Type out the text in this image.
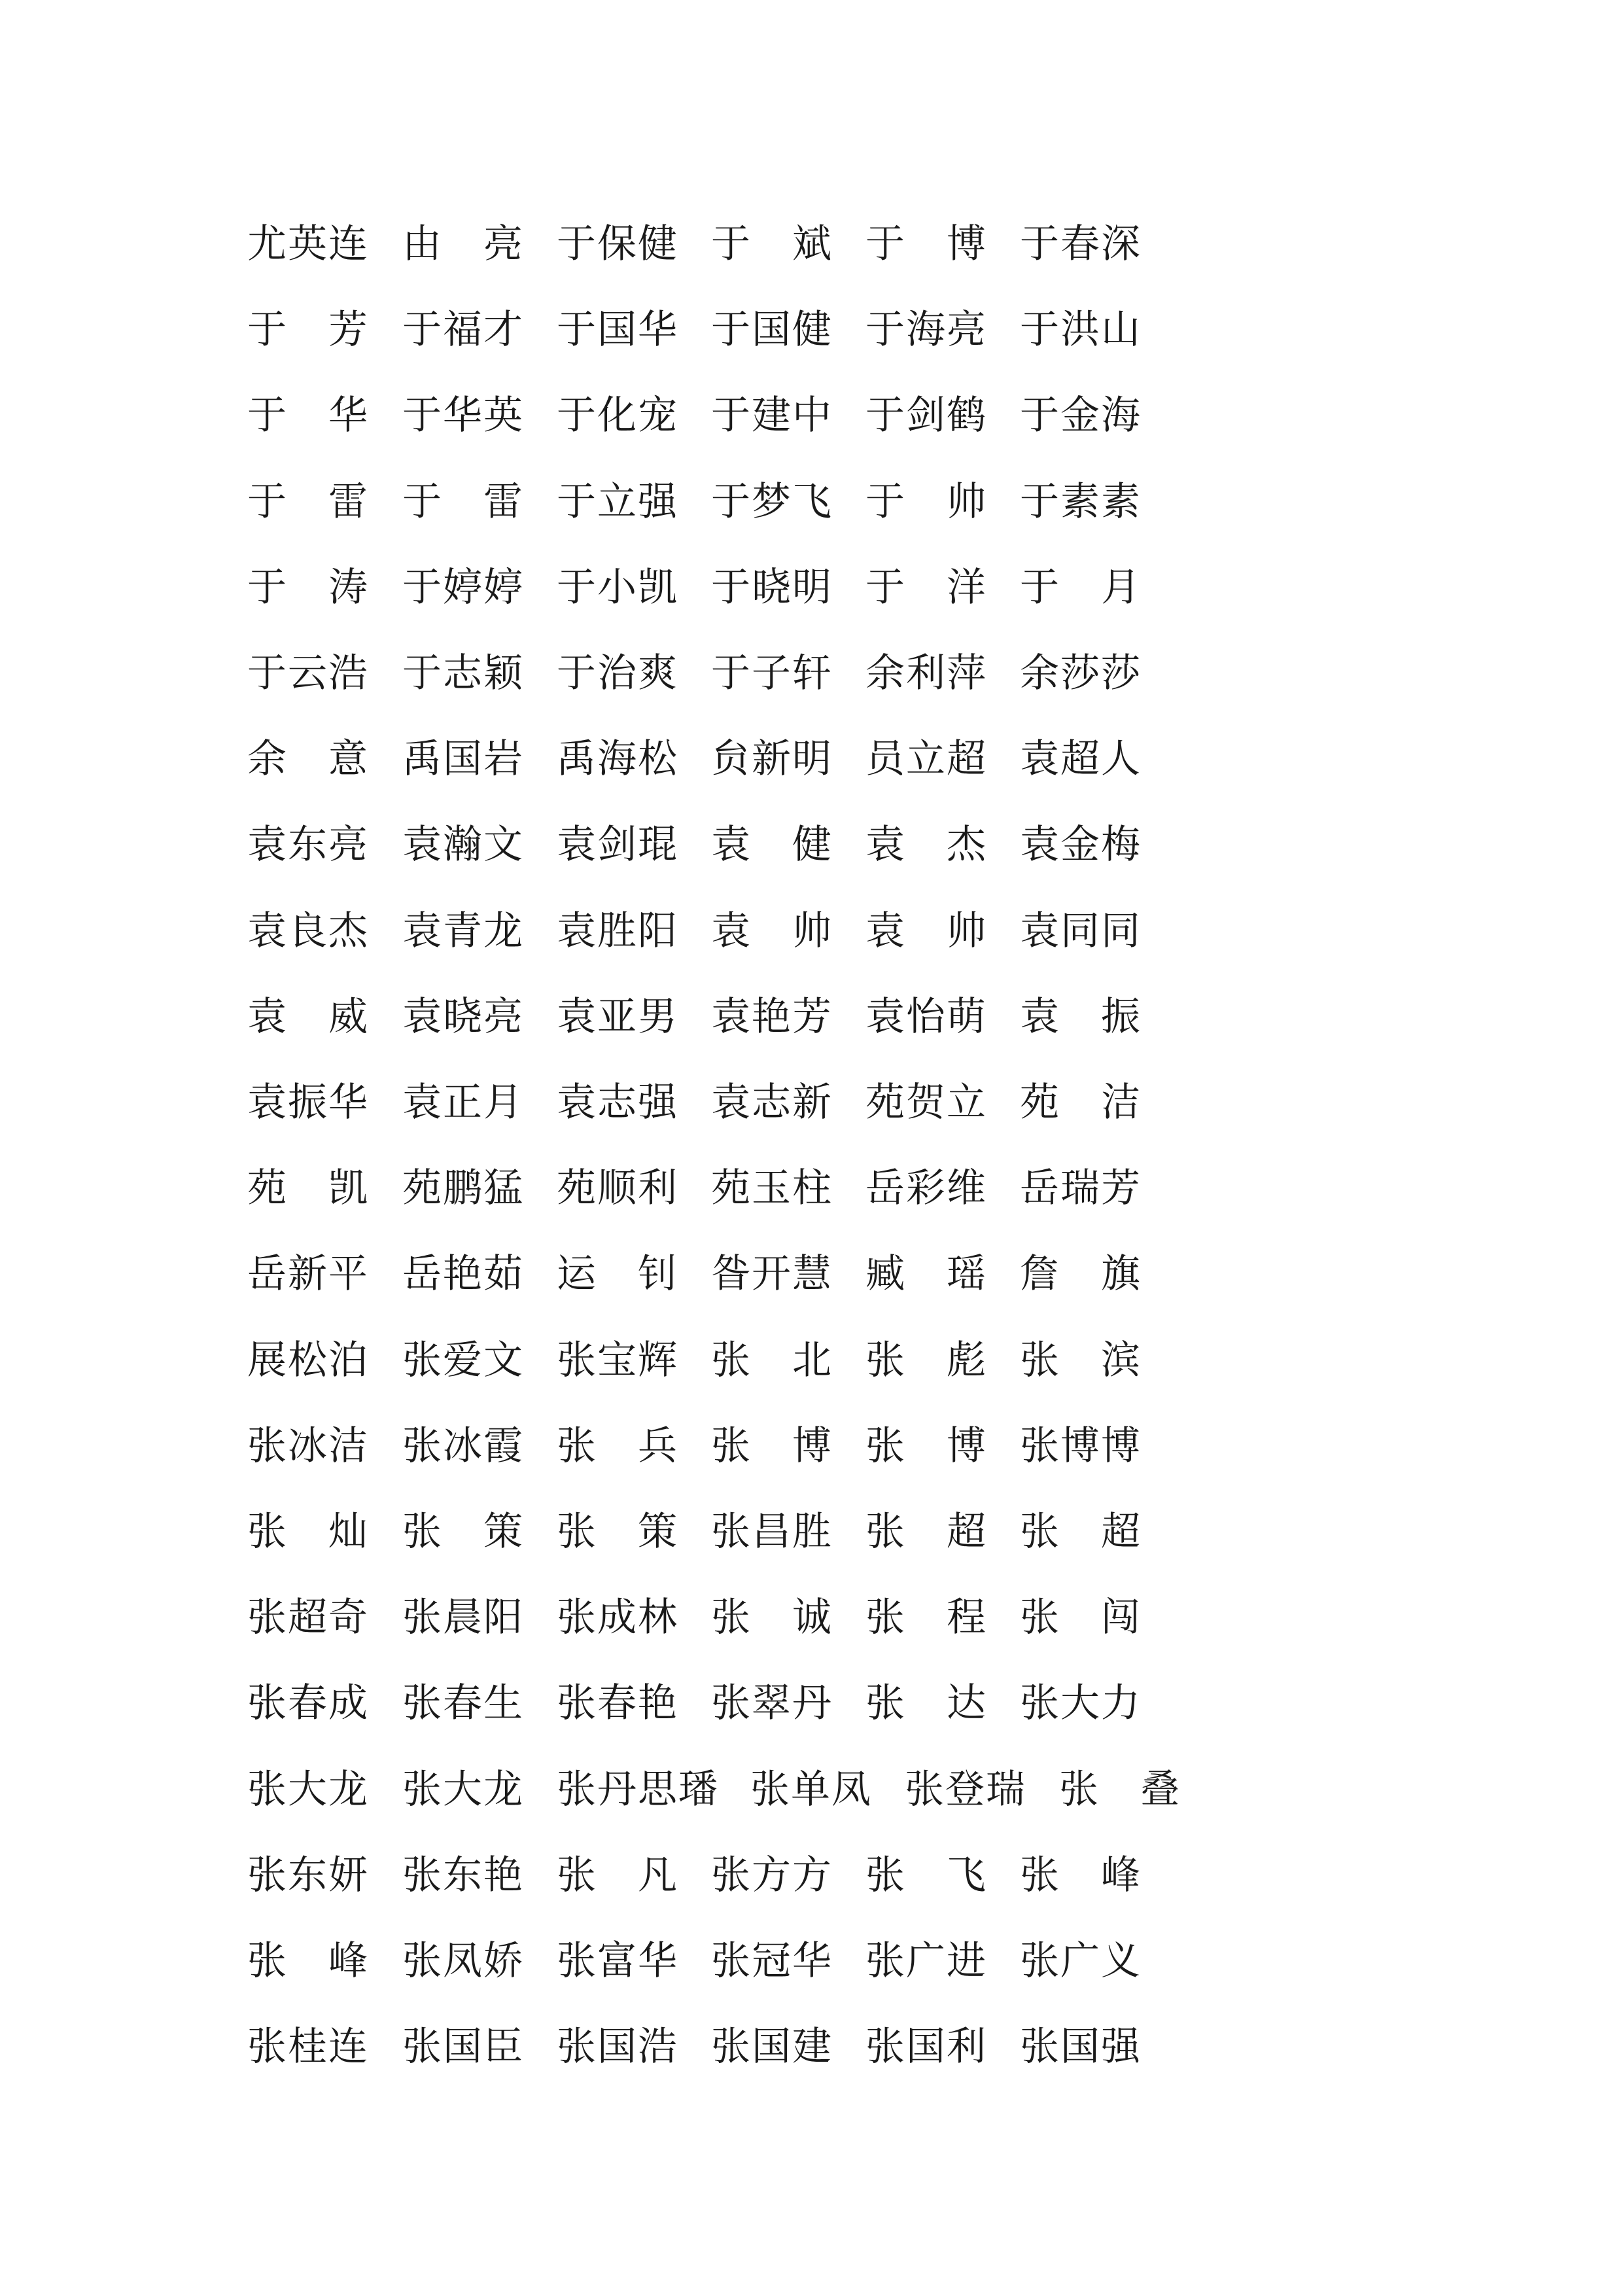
尤英连 由　亮 于保健 于　斌 于　博 于春深
于　芳 于福才 于国华 于国健 于海亮 于洪山
于　华 于华英 于化宠 于建中 于剑鹤 于金海
于　雷 于　雷 于立强 于梦飞 于　帅 于素素
于　涛 于婷婷 于小凯 于晓明 于　洋 于　月
于云浩 于志颖 于治爽 于子轩 余利萍 余莎莎
余　意 禹国岩 禹海松 贠新明 员立超 袁超人
袁东亮 袁瀚文 袁剑琨 袁　健 袁　杰 袁金梅
袁良杰 袁青龙 袁胜阳 袁　帅 袁　帅 袁同同
袁　威 袁晓亮 袁亚男 袁艳芳 袁怡萌 袁　振
袁振华 袁正月 袁志强 袁志新 苑贺立 苑　洁
苑　凯 苑鹏猛 苑顺利 苑玉柱 岳彩维 岳瑞芳
岳新平 岳艳茹 运　钊 昝开慧 臧　瑶 詹　旗
展松泊 张爱文 张宝辉 张　北 张　彪 张　滨
张冰洁 张冰霞 张　兵 张　博 张　博 张博博
张　灿 张　策 张　策 张昌胜 张　超 张　超
张超奇 张晨阳 张成林 张　诚 张　程 张　闯
张春成 张春生 张春艳 张翠丹 张　达 张大力
张大龙 张大龙 张丹思璠 张单凤 张登瑞 张　叠
张东妍 张东艳 张　凡 张方方 张　飞 张　峰
张　峰 张凤娇 张富华 张冠华 张广进 张广义
张桂连 张国臣 张国浩 张国建 张国利 张国强
